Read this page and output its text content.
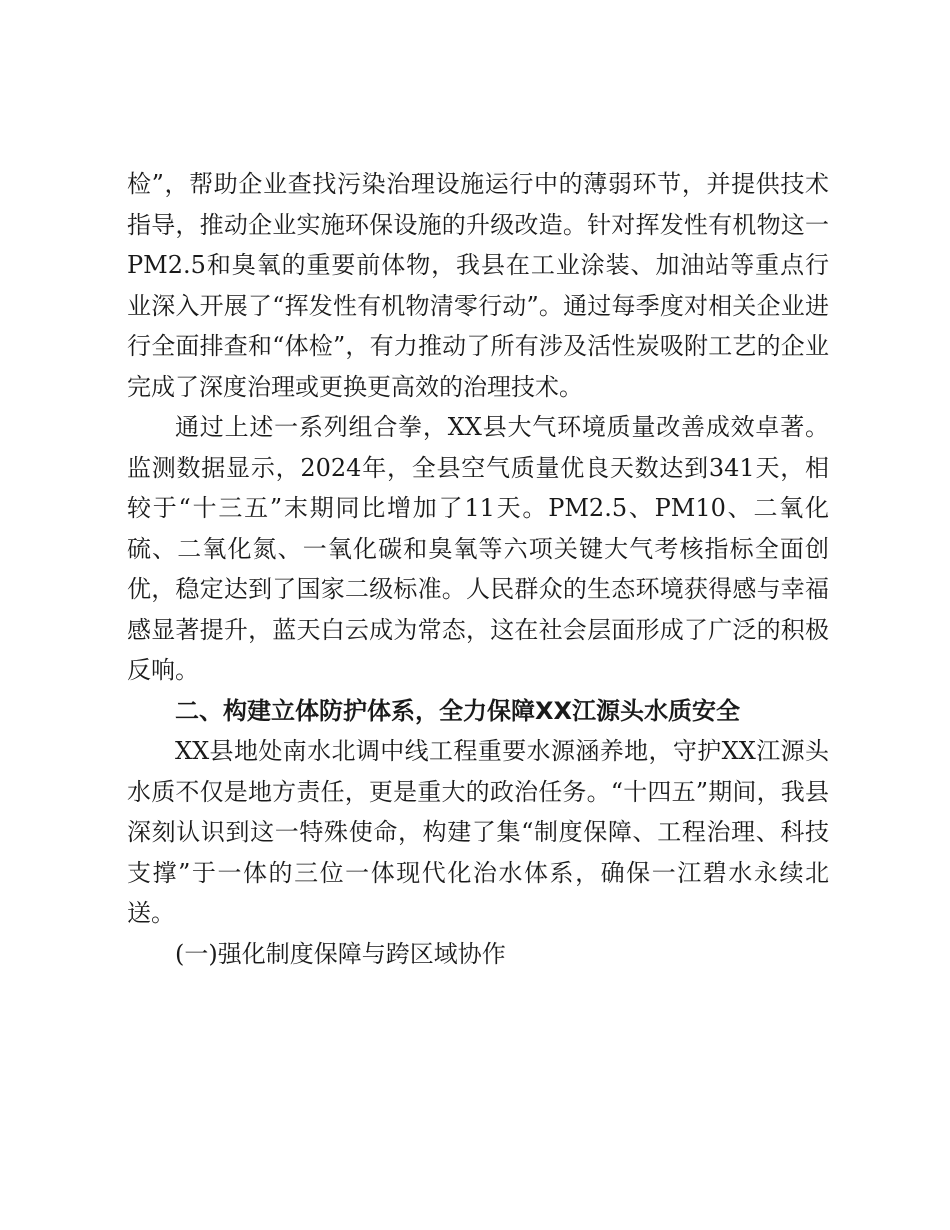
检”，帮助企业查找污染治理设施运行中的薄弱环节，并提供技术指导，推动企业实施环保设施的升级改造。针对挥发性有机物这一PM2.5和臭氧的重要前体物，我县在工业涂装、加油站等重点行业深入开展了“挥发性有机物清零行动”。通过每季度对相关企业进行全面排查和“体检”，有力推动了所有涉及活性炭吸附工艺的企业完成了深度治理或更换更高效的治理技术。

通过上述一系列组合拳，XX县大气环境质量改善成效卓著。监测数据显示，2024年，全县空气质量优良天数达到341天，相较于“十三五”末期同比增加了11天。PM2.5、PM10、二氧化硫、二氧化氮、一氧化碳和臭氧等六项关键大气考核指标全面创优，稳定达到了国家二级标准。人民群众的生态环境获得感与幸福感显著提升，蓝天白云成为常态，这在社会层面形成了广泛的积极反响。

二、构建立体防护体系，全力保障XX江源头水质安全

XX县地处南水北调中线工程重要水源涵养地，守护XX江源头水质不仅是地方责任，更是重大的政治任务。“十四五”期间，我县深刻认识到这一特殊使命，构建了集“制度保障、工程治理、科技支撑”于一体的三位一体现代化治水体系，确保一江碧水永续北送。

(一)强化制度保障与跨区域协作
